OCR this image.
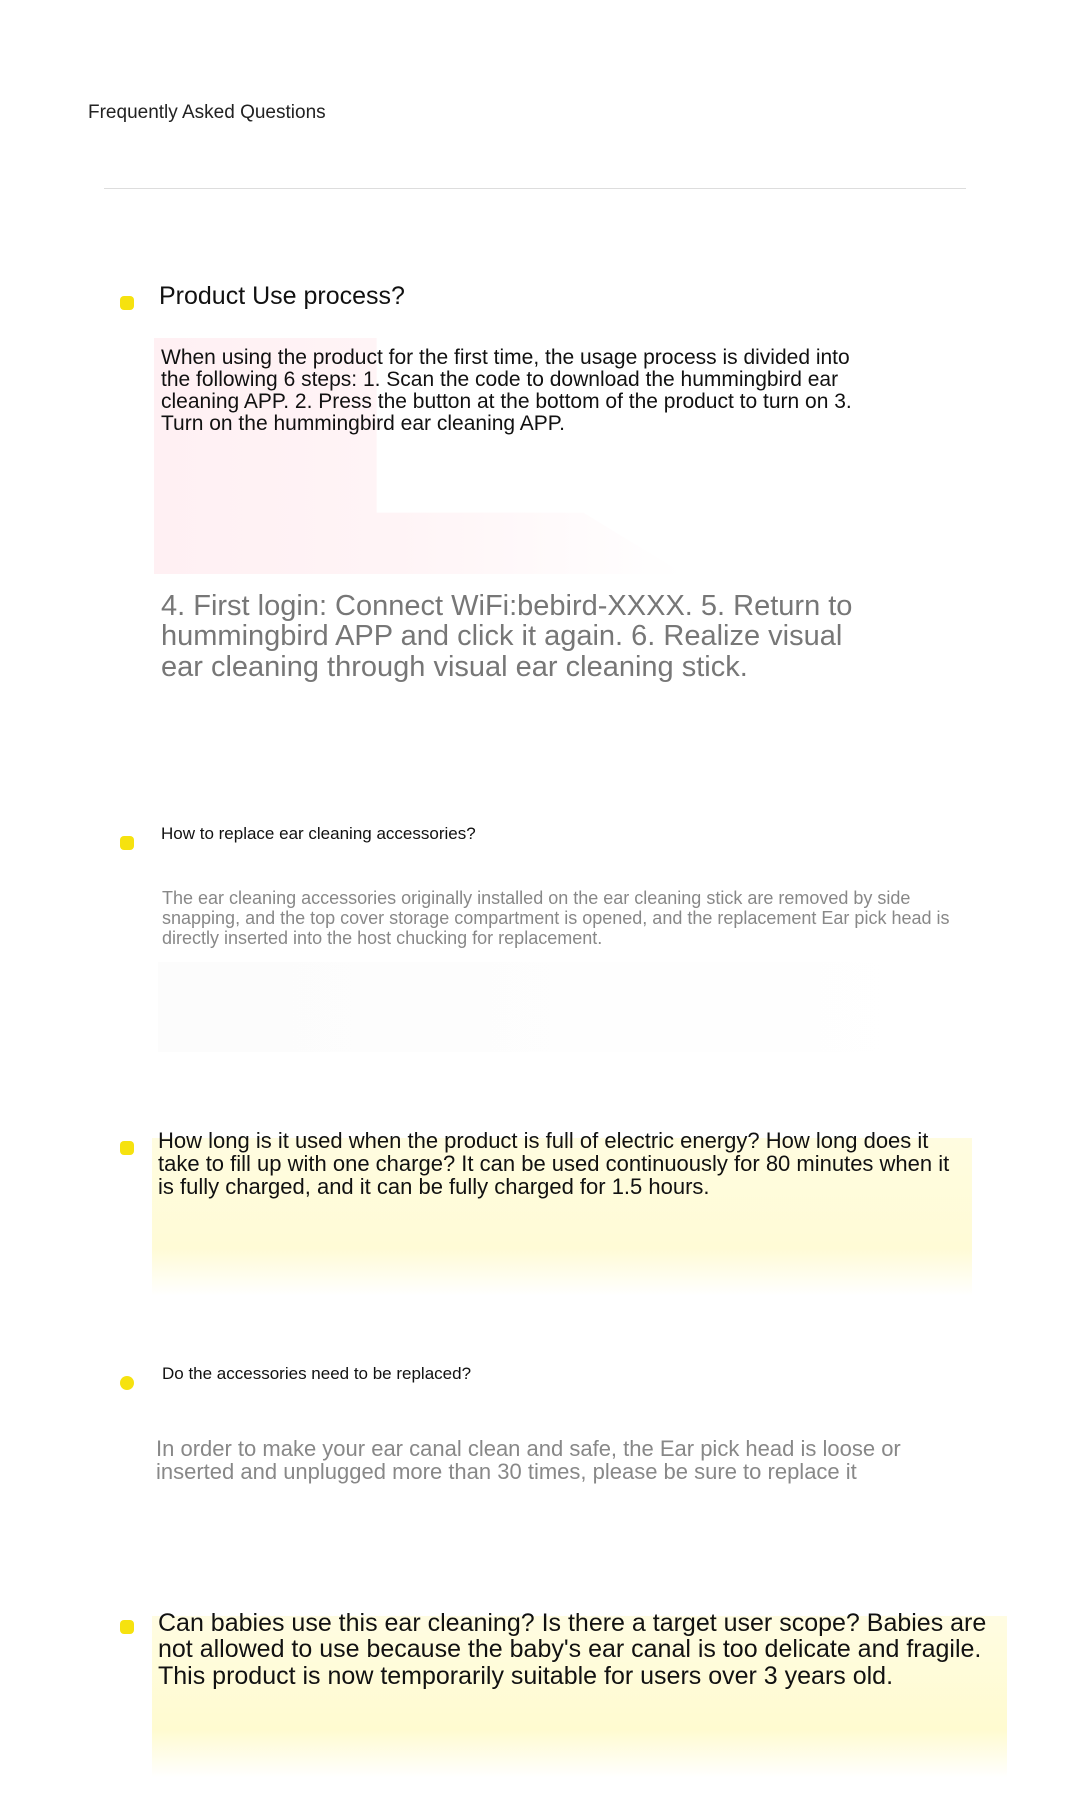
Frequently Asked Questions
Product Use process?
When using the product for the first time, the usage process is divided into the following 6 steps: 1. Scan the code to download the hummingbird ear cleaning APP. 2. Press the button at the bottom of the product to turn on 3. Turn on the hummingbird ear cleaning APP.
4. First login: Connect WiFi:bebird-XXXX. 5. Return to hummingbird APP and click it again. 6. Realize visual ear cleaning through visual ear cleaning stick.
How to replace ear cleaning accessories?
The ear cleaning accessories originally installed on the ear cleaning stick are removed by side snapping, and the top cover storage compartment is opened, and the replacement Ear pick head is directly inserted into the host chucking for replacement.
How long is it used when the product is full of electric energy? How long does it take to fill up with one charge? It can be used continuously for 80 minutes when it is fully charged, and it can be fully charged for 1.5 hours.
Do the accessories need to be replaced?
In order to make your ear canal clean and safe, the Ear pick head is loose or inserted and unplugged more than 30 times, please be sure to replace it
Can babies use this ear cleaning? Is there a target user scope? Babies are not allowed to use because the baby's ear canal is too delicate and fragile. This product is now temporarily suitable for users over 3 years old.
